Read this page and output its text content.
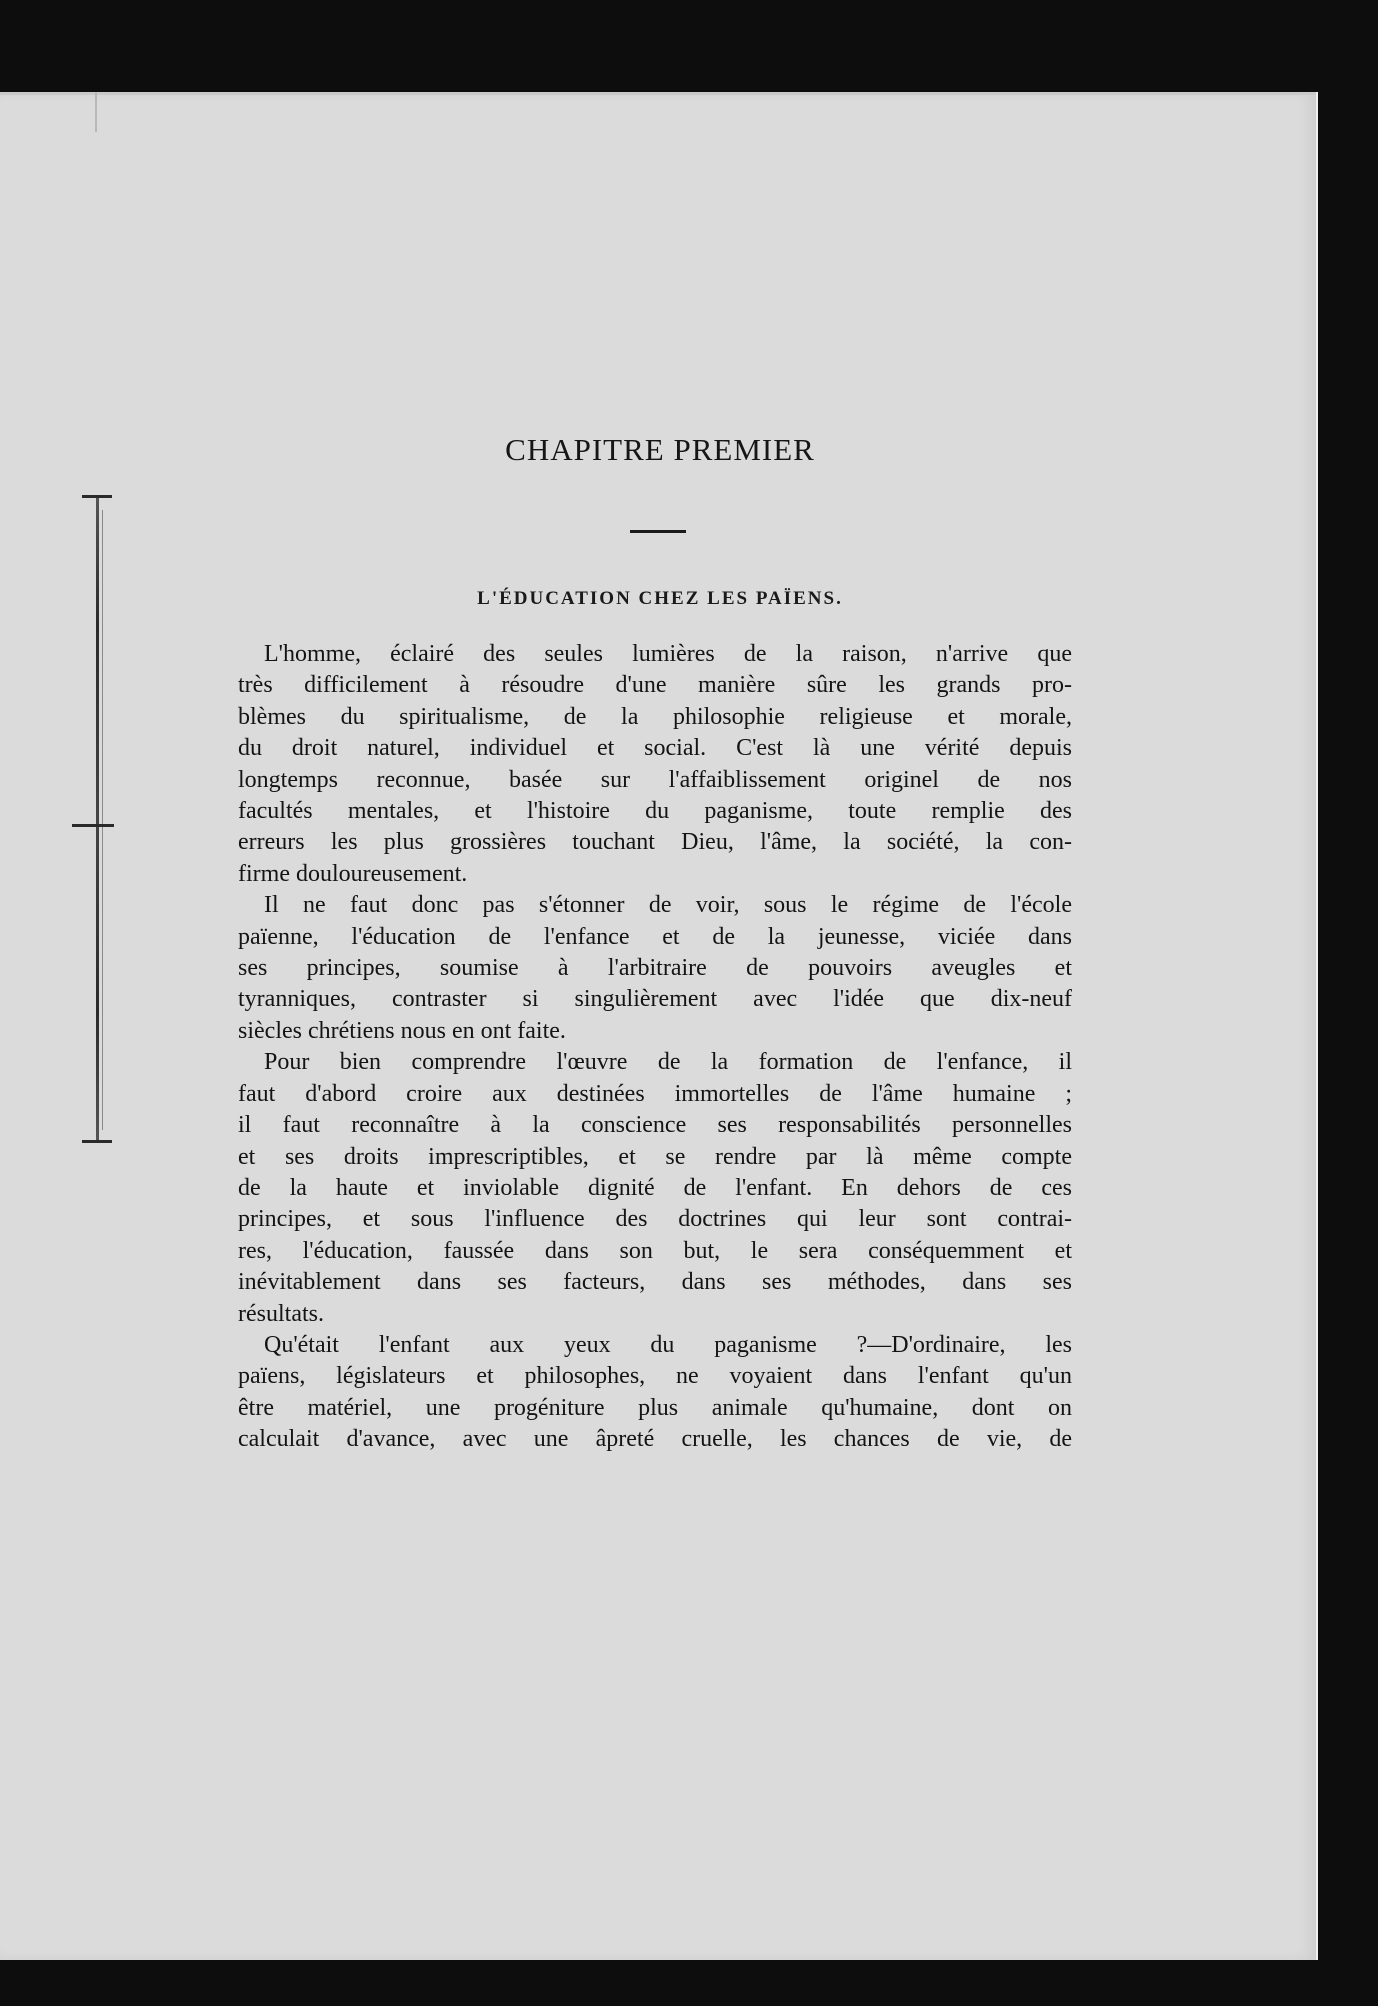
CHAPITRE PREMIER
L'ÉDUCATION CHEZ LES PAÏENS.

L'homme, éclairé des seules lumières de la raison, n'arrive que
très difficilement à résoudre d'une manière sûre les grands pro-
blèmes du spiritualisme, de la philosophie religieuse et morale,
du droit naturel, individuel et social. C'est là une vérité depuis
longtemps reconnue, basée sur l'affaiblissement originel de nos
facultés mentales, et l'histoire du paganisme, toute remplie des
erreurs les plus grossières touchant Dieu, l'âme, la société, la con-
firme douloureusement.

Il ne faut donc pas s'étonner de voir, sous le régime de l'école
païenne, l'éducation de l'enfance et de la jeunesse, viciée dans
ses principes, soumise à l'arbitraire de pouvoirs aveugles et
tyranniques, contraster si singulièrement avec l'idée que dix-neuf
siècles chrétiens nous en ont faite.

Pour bien comprendre l'œuvre de la formation de l'enfance, il
faut d'abord croire aux destinées immortelles de l'âme humaine ;
il faut reconnaître à la conscience ses responsabilités personnelles
et ses droits imprescriptibles, et se rendre par là même compte
de la haute et inviolable dignité de l'enfant. En dehors de ces
principes, et sous l'influence des doctrines qui leur sont contrai-
res, l'éducation, faussée dans son but, le sera conséquemment et
inévitablement dans ses facteurs, dans ses méthodes, dans ses
résultats.

Qu'était l'enfant aux yeux du paganisme ?—D'ordinaire, les
païens, législateurs et philosophes, ne voyaient dans l'enfant qu'un
être matériel, une progéniture plus animale qu'humaine, dont on
calculait d'avance, avec une âpreté cruelle, les chances de vie, de
